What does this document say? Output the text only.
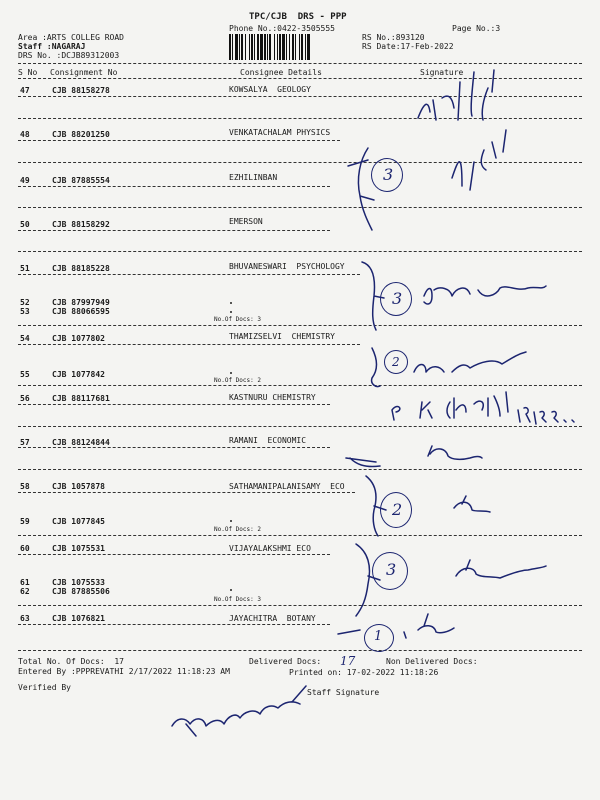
TPC/CJB  DRS - PPP
Phone No.:0422-3505555	Page No.:3
Area :ARTS COLLEG ROAD
Staff :NAGARAJ
DRS No. :DCJB89312003
RS No.:893120
RS Date:17-Feb-2022
S No Consignment No	Consignee Details	Signature
47	CJB 88158278	KOWSALYA  GEOLOGY
48	CJB 88201250	VENKATACHALAM PHYSICS
49	CJB 87885554	EZHILINBAN
50	CJB 88158292	EMERSON
51	CJB 88185228	BHUVANESWARI  PSYCHOLOGY
52	CJB 87997949
53	CJB 88066595
No.Of Docs: 3
54	CJB 1077802	THAMIZSELVI  CHEMISTRY
55	CJB 1077842
No.Of Docs: 2
56	CJB 88117681	KASTNURU CHEMISTRY
57	CJB 88124844	RAMANI  ECONOMIC
58	CJB 1057878	SATHAMANIPALANISAMY  ECO
59	CJB 1077845
No.Of Docs: 2
60	CJB 1075531	VIJAYALAKSHMI ECO
61	CJB 1075533
62	CJB 87885506
No.Of Docs: 3
63	CJB 1076821	JAYACHITRA  BOTANY
Total No. Of Docs:  17	Delivered Docs: 17	Non Delivered Docs:
Entered By :PPPREVATHI 2/17/2022 11:18:23 AM	Printed on: 17-02-2022 11:18:26
Verified By
Staff Signature
3
3
2
2
3
1
